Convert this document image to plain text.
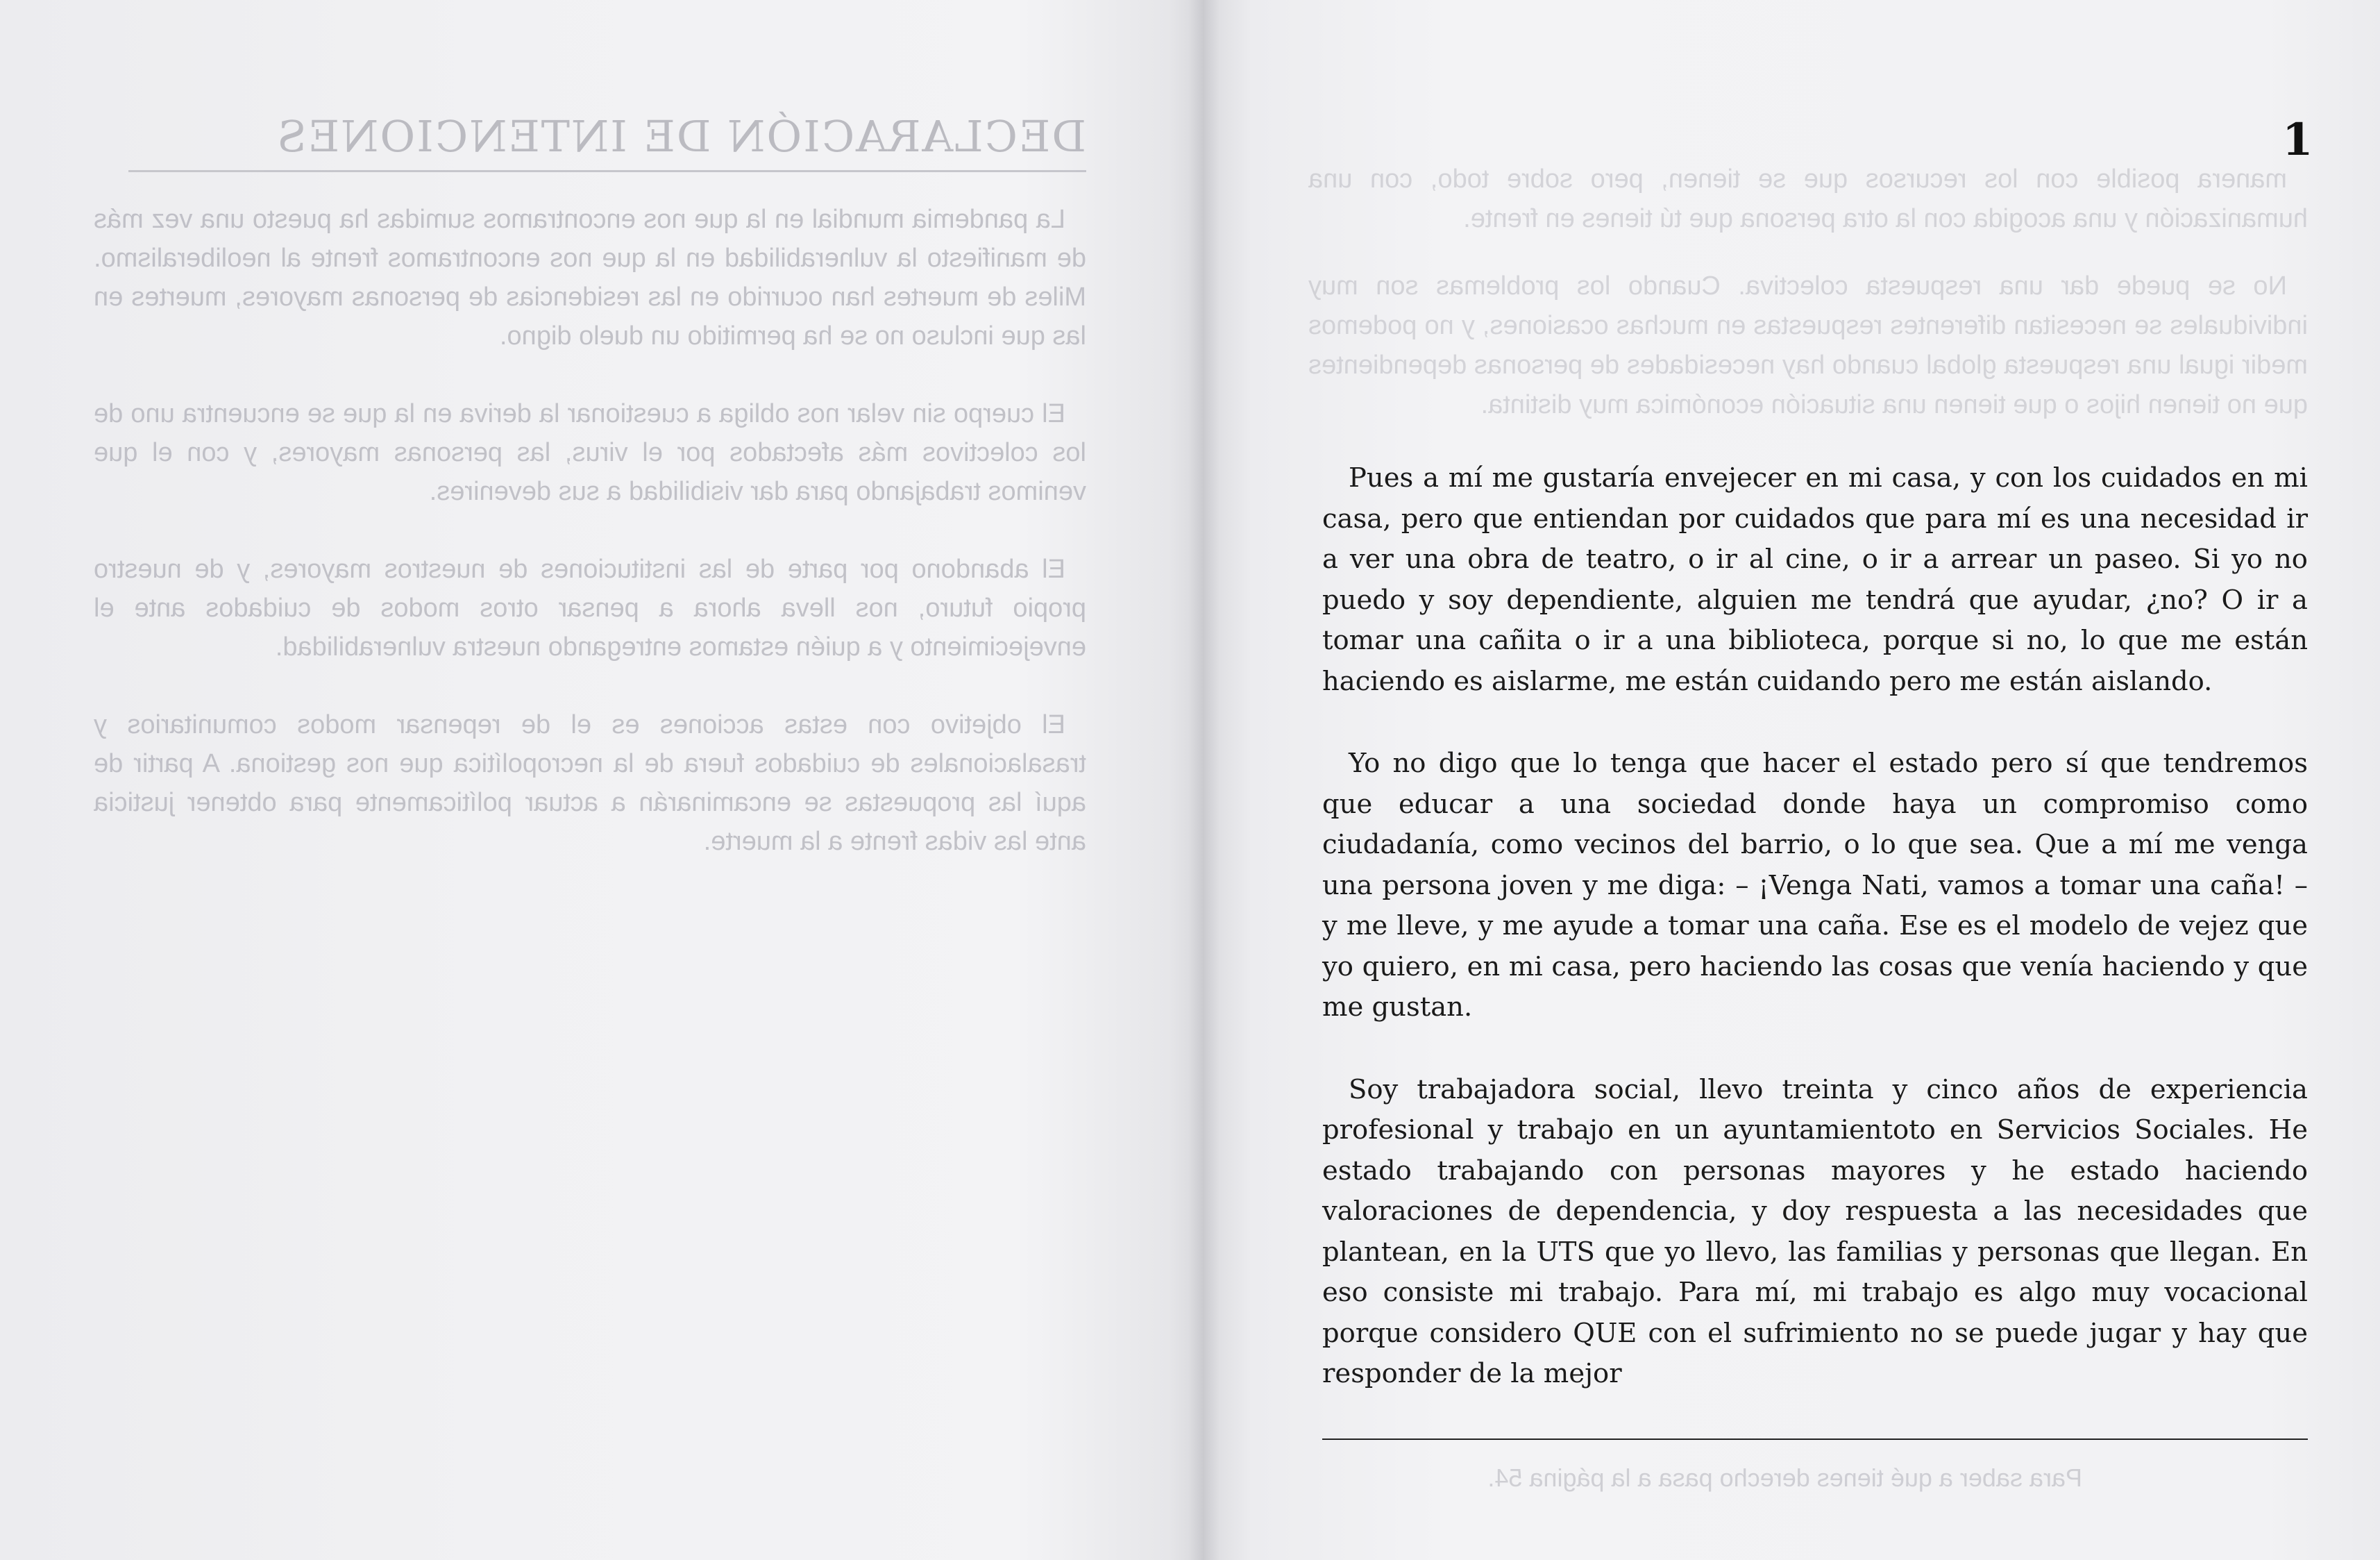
DECLARACIÓN DE INTENCIONES

La pandemia mundial en la que nos encontramos sumidas ha puesto una vez más de manifiesto la vulnerabilidad en la que nos encontramos frente al neoliberalismo. Miles de muertes han ocurrido en las residencias de personas mayores, muertes en las que incluso no se ha permitido un duelo digno.

El cuerpo sin velar nos obliga a cuestionar la deriva en la que se encuentra uno de los colectivos más afectados por el virus, las personas mayores, y con el que venimos trabajando para dar visibilidad a sus devenires.

El abandono por parte de las instituciones de nuestros mayores, y de nuestro propio futuro, nos lleva ahora a pensar otros modos de cuidados ante el envejecimiento y a quién estamos entregando nuestra vulnerabilidad.

El objetivo con estas acciones es el de repensar modos comunitarios y trasalacionales de cuidados fuera de la necropolítica que nos gestiona. A partir de aquí las propuestas se encaminarán a actuar políticamente para obtener justicia ante las vidas frente a la muerte.

manera posible con los recursos que se tienen, pero sobre todo, con una humanización y una acogida con la otra persona que tú tienes en frente.

No se puede dar una respuesta colectiva. Cuando los problemas son muy individuales se necesitan diferentes respuestas en muchas ocasiones, y no podemos medir igual una respuesta global cuando hay necesidades de personas dependientes que no tienen hijos o que tienen una situación económica muy distinta.

Para saber a qué tienes derecho pasa a la página 54.
1

Pues a mí me gustaría envejecer en mi casa, y con los cuidados en mi casa, pero que entiendan por cuidados que para mí es una necesidad ir a ver una obra de teatro, o ir al cine, o ir a arrear un paseo. Si yo no puedo y soy dependiente, alguien me tendrá que ayudar, ¿no? O ir a tomar una cañita o ir a una biblioteca, porque si no, lo que me están haciendo es aislarme, me están cuidando pero me están aislando.

Yo no digo que lo tenga que hacer el estado pero sí que tendremos que educar a una sociedad donde haya un compromiso como ciudadanía, como vecinos del barrio, o lo que sea. Que a mí me venga una persona joven y me diga: – ¡Venga Nati, vamos a tomar una caña! – y me lleve, y me ayude a tomar una caña. Ese es el modelo de vejez que yo quiero, en mi casa, pero haciendo las cosas que venía haciendo y que me gustan.

Soy trabajadora social, llevo treinta y cinco años de experiencia profesional y trabajo en un ayuntamientoto en Servicios Sociales. He estado trabajando con personas mayores y he estado haciendo valoraciones de dependencia, y doy respuesta a las necesidades que plantean, en la UTS que yo llevo, las familias y personas que llegan. En eso consiste mi trabajo. Para mí, mi trabajo es algo muy vocacional porque considero QUE con el sufrimiento no se puede jugar y hay que responder de la mejor
